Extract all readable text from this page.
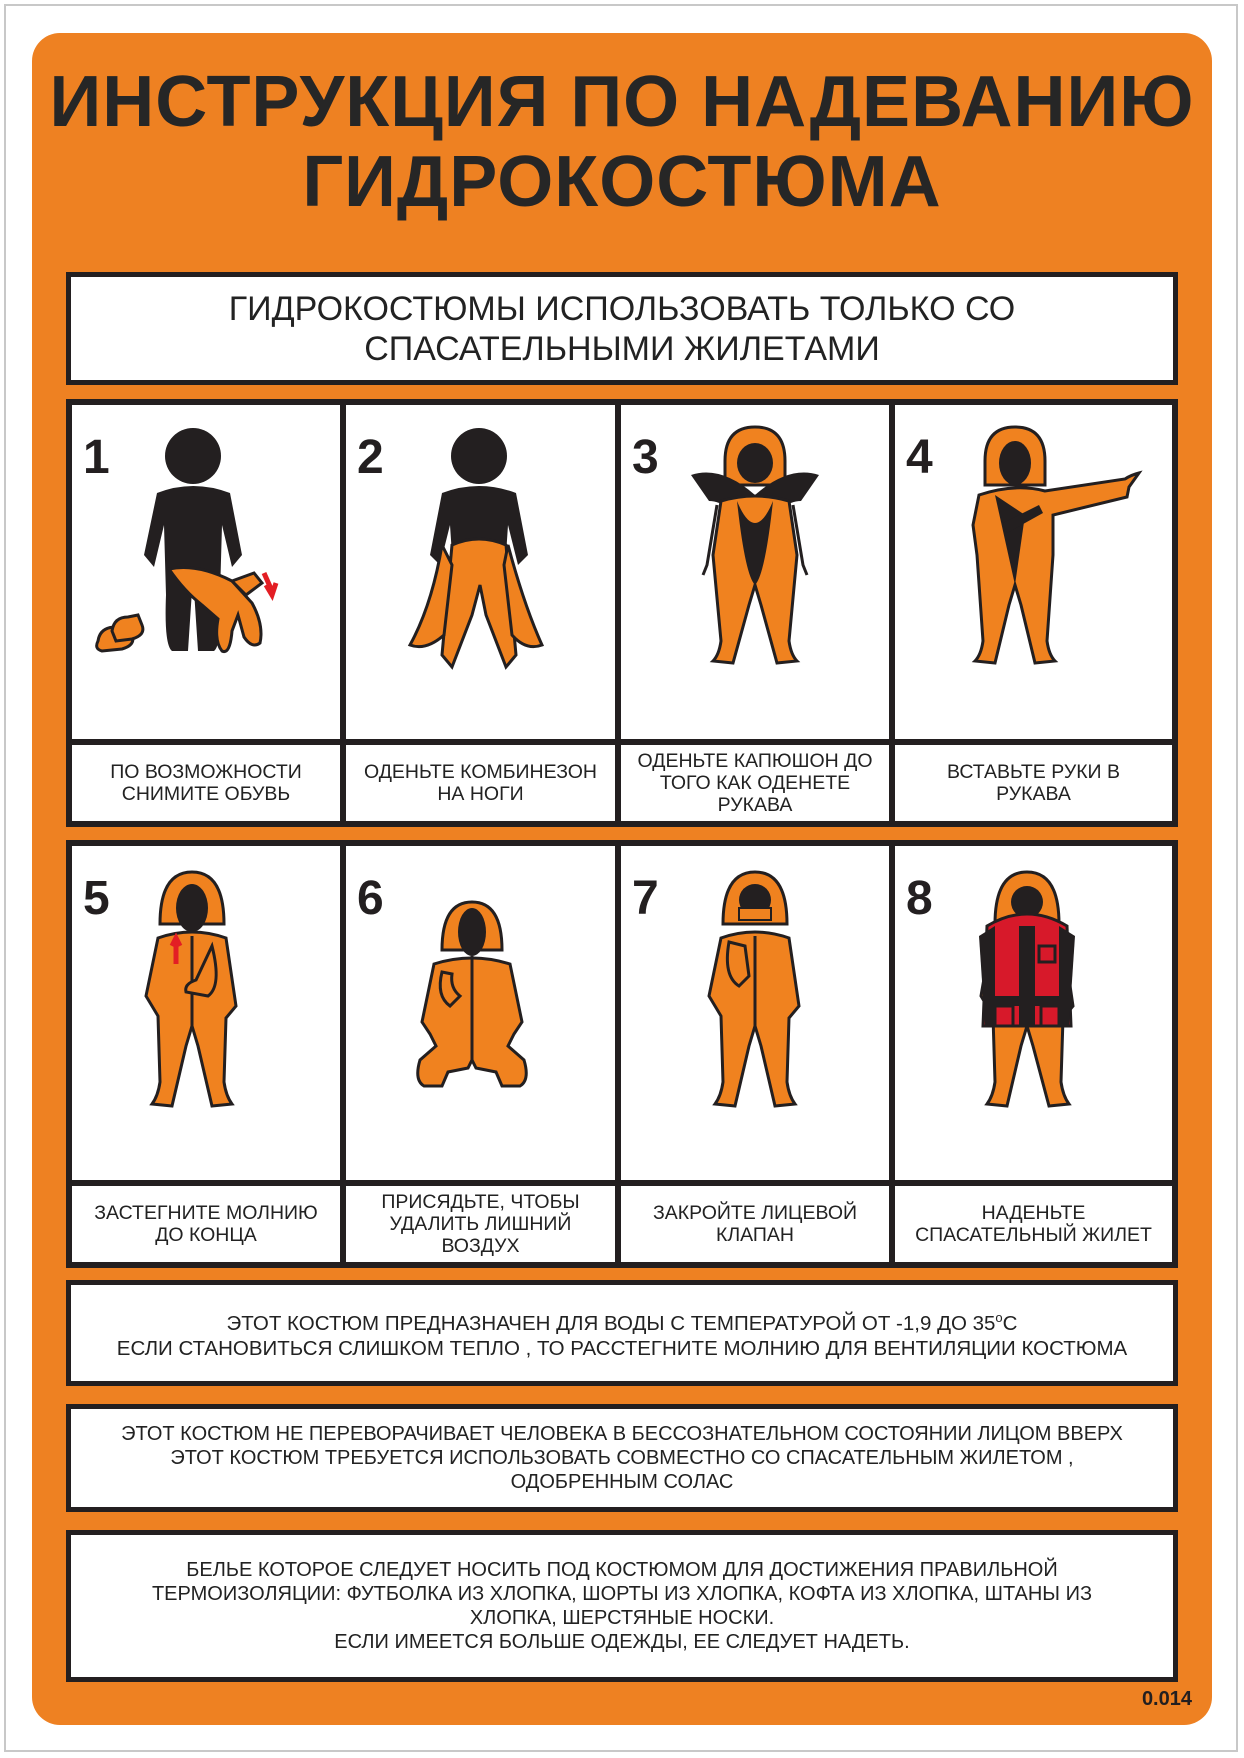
ИНСТРУКЦИЯ ПО НАДЕВАНИЮ
ГИДРОКОСТЮМА
ГИДРОКОСТЮМЫ ИСПОЛЬЗОВАТЬ ТОЛЬКО СО
СПАСАТЕЛЬНЫМИ ЖИЛЕТАМИ
1
ПО ВОЗМОЖНОСТИ
СНИМИТЕ ОБУВЬ
2
ОДЕНЬТЕ КОМБИНЕЗОН
НА НОГИ
3
ОДЕНЬТЕ КАПЮШОН ДО
ТОГО КАК ОДЕНЕТЕ
РУКАВА
4
ВСТАВЬТЕ РУКИ В
РУКАВА
5
ЗАСТЕГНИТЕ МОЛНИЮ
ДО КОНЦА
6
ПРИСЯДЬТЕ, ЧТОБЫ
УДАЛИТЬ ЛИШНИЙ
ВОЗДУХ
7
ЗАКРОЙТЕ ЛИЦЕВОЙ
КЛАПАН
8
НАДЕНЬТЕ
СПАСАТЕЛЬНЫЙ ЖИЛЕТ
ЭТОТ КОСТЮМ ПРЕДНАЗНАЧЕН ДЛЯ ВОДЫ С ТЕМПЕРАТУРОЙ ОТ -1,9 ДО $35^оС$
ЕСЛИ СТАНОВИТЬСЯ СЛИШКОМ ТЕПЛО , ТО РАССТЕГНИТЕ МОЛНИЮ ДЛЯ ВЕНТИЛЯЦИИ КОСТЮМА
ЭТОТ КОСТЮМ НЕ ПЕРЕВОРАЧИВАЕТ ЧЕЛОВЕКА В БЕССОЗНАТЕЛЬНОМ СОСТОЯНИИ ЛИЦОМ ВВЕРХ
ЭТОТ КОСТЮМ ТРЕБУЕТСЯ ИСПОЛЬЗОВАТЬ СОВМЕСТНО СО СПАСАТЕЛЬНЫМ ЖИЛЕТОМ ,
ОДОБРЕННЫМ СОЛАС
БЕЛЬЕ КОТОРОЕ СЛЕДУЕТ НОСИТЬ ПОД КОСТЮМОМ ДЛЯ ДОСТИЖЕНИЯ ПРАВИЛЬНОЙ
ТЕРМОИЗОЛЯЦИИ: ФУТБОЛКА ИЗ ХЛОПКА, ШОРТЫ ИЗ ХЛОПКА, КОФТА ИЗ ХЛОПКА, ШТАНЫ ИЗ
ХЛОПКА, ШЕРСТЯНЫЕ НОСКИ.
ЕСЛИ ИМЕЕТСЯ БОЛЬШЕ ОДЕЖДЫ, ЕЕ СЛЕДУЕТ НАДЕТЬ.
0.014
